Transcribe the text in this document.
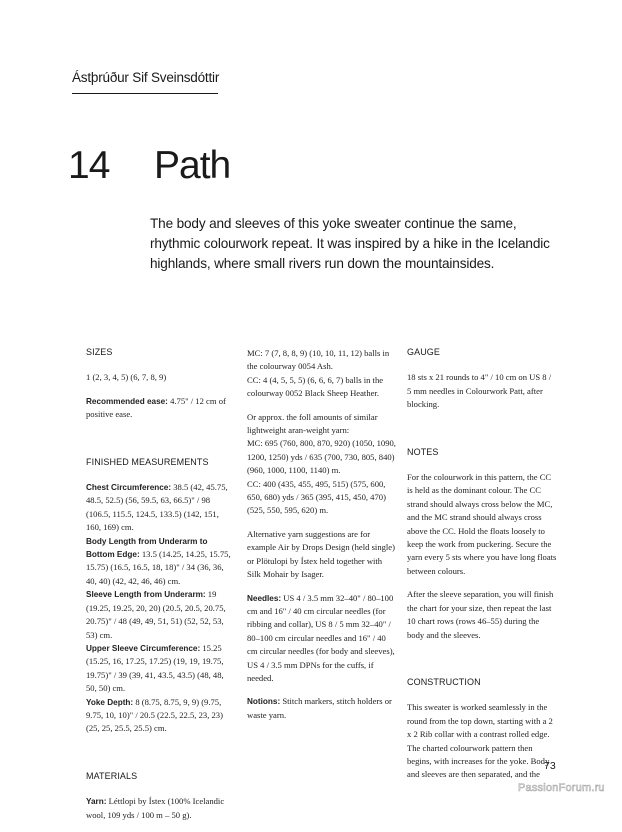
Ástþrúður Sif Sveinsdóttir
14 Path

The body and sleeves of this yoke sweater continue the same,

rhythmic colourwork repeat. It was inspired by a hike in the Icelandic

highlands, where small rivers run down the mountainsides.

SIZES

1 (2, 3, 4, 5) (6, 7, 8, 9)

Recommended ease: 4.75" / 12 cm of positive ease.

FINISHED MEASUREMENTS
Chest Circumference: 38.5 (42, 45.75, 48.5, 52.5) (56, 59.5, 63, 66.5)" / 98 (106.5, 115.5, 124.5, 133.5) (142, 151, 160, 169) cm.
Body Length from Underarm to Bottom Edge: 13.5 (14.25, 14.25, 15.75, 15.75) (16.5, 16.5, 18, 18)" / 34 (36, 36, 40, 40) (42, 42, 46, 46) cm.
Sleeve Length from Underarm: 19 (19.25, 19.25, 20, 20) (20.5, 20.5, 20.75, 20.75)" / 48 (49, 49, 51, 51) (52, 52, 53, 53) cm.
Upper Sleeve Circumference: 15.25 (15.25, 16, 17.25, 17.25) (19, 19, 19.75, 19.75)" / 39 (39, 41, 43.5, 43.5) (48, 48, 50, 50) cm.
Yoke Depth: 8 (8.75, 8.75, 9, 9) (9.75, 9.75, 10, 10)" / 20.5 (22.5, 22.5, 23, 23) (25, 25, 25.5, 25.5) cm.
MATERIALS

Yarn: Léttlopi by Ístex (100% Icelandic wool, 109 yds / 100 m – 50 g).

MC: 7 (7, 8, 8, 9) (10, 10, 11, 12) balls in the colourway 0054 Ash.

CC: 4 (4, 5, 5, 5) (6, 6, 6, 7) balls in the colourway 0052 Black Sheep Heather.

Or approx. the foll amounts of similar lightweight aran-weight yarn:
MC: 695 (760, 800, 870, 920) (1050, 1090, 1200, 1250) yds / 635 (700, 730, 805, 840) (960, 1000, 1100, 1140) m.

CC: 400 (435, 455, 495, 515) (575, 600, 650, 680) yds / 365 (395, 415, 450, 470) (525, 550, 595, 620) m.

Alternative yarn suggestions are for example Air by Drops Design (held single) or Plötulopi by Ístex held together with Silk Mohair by Isager.

Needles: US 4 / 3.5 mm 32–40" / 80–100 cm and 16" / 40 cm circular needles (for ribbing and collar), US 8 / 5 mm 32–40" / 80–100 cm circular needles and 16" / 40 cm circular needles (for body and sleeves), US 4 / 3.5 mm DPNs for the cuffs, if needed.

Notions: Stitch markers, stitch holders or waste yarn.

GAUGE

18 sts x 21 rounds to 4" / 10 cm on US 8 / 5 mm needles in Colourwork Patt, after blocking.

NOTES

For the colourwork in this pattern, the CC is held as the dominant colour. The CC strand should always cross below the MC, and the MC strand should always cross above the CC. Hold the floats loosely to keep the work from puckering. Secure the yarn every 5 sts where you have long floats between colours.

After the sleeve separation, you will finish the chart for your size, then repeat the last 10 chart rows (rows 46–55) during the body and the sleeves.

CONSTRUCTION

This sweater is worked seamlessly in the round from the top down, starting with a 2 x 2 Rib collar with a contrast rolled edge. The charted colourwork pattern then begins, with increases for the yoke. Body and sleeves are then separated, and the

73
PassionForum.ru
